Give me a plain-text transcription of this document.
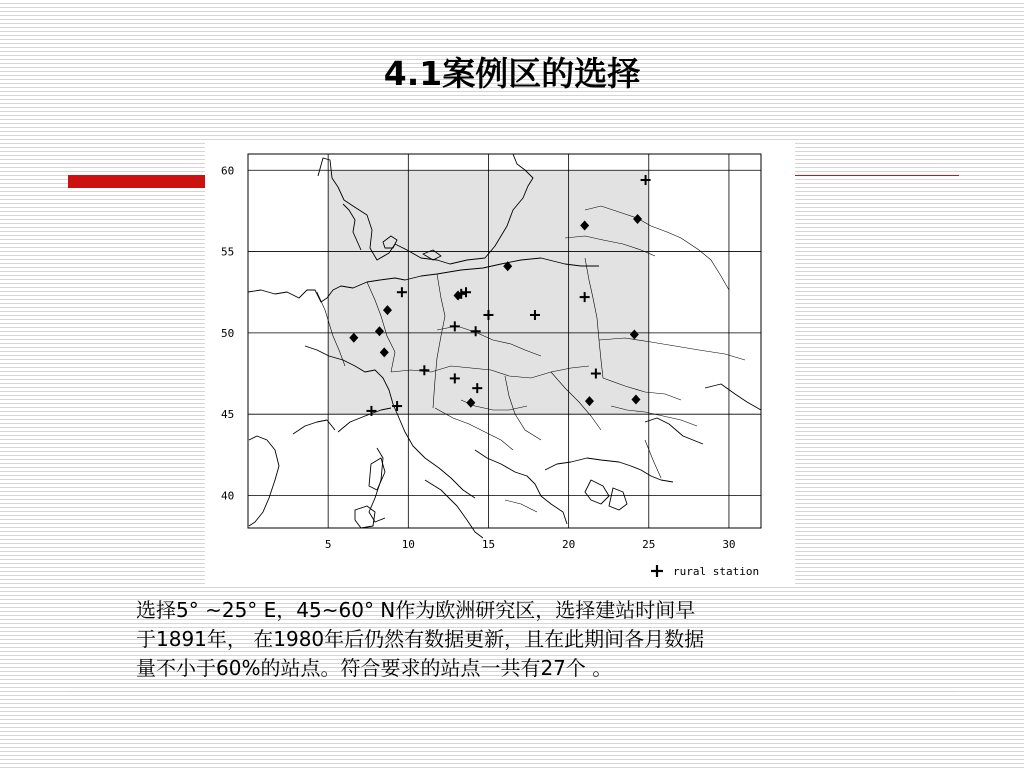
4.1案例区的选择
5	10	15	20	25	30
60
55
50
45
40
rural station
选择5° ~25° E，45~60° N作为欧洲研究区，选择建站时间早
于1891年， 在1980年后仍然有数据更新，且在此期间各月数据
量不小于60%的站点。符合要求的站点一共有27个 。
